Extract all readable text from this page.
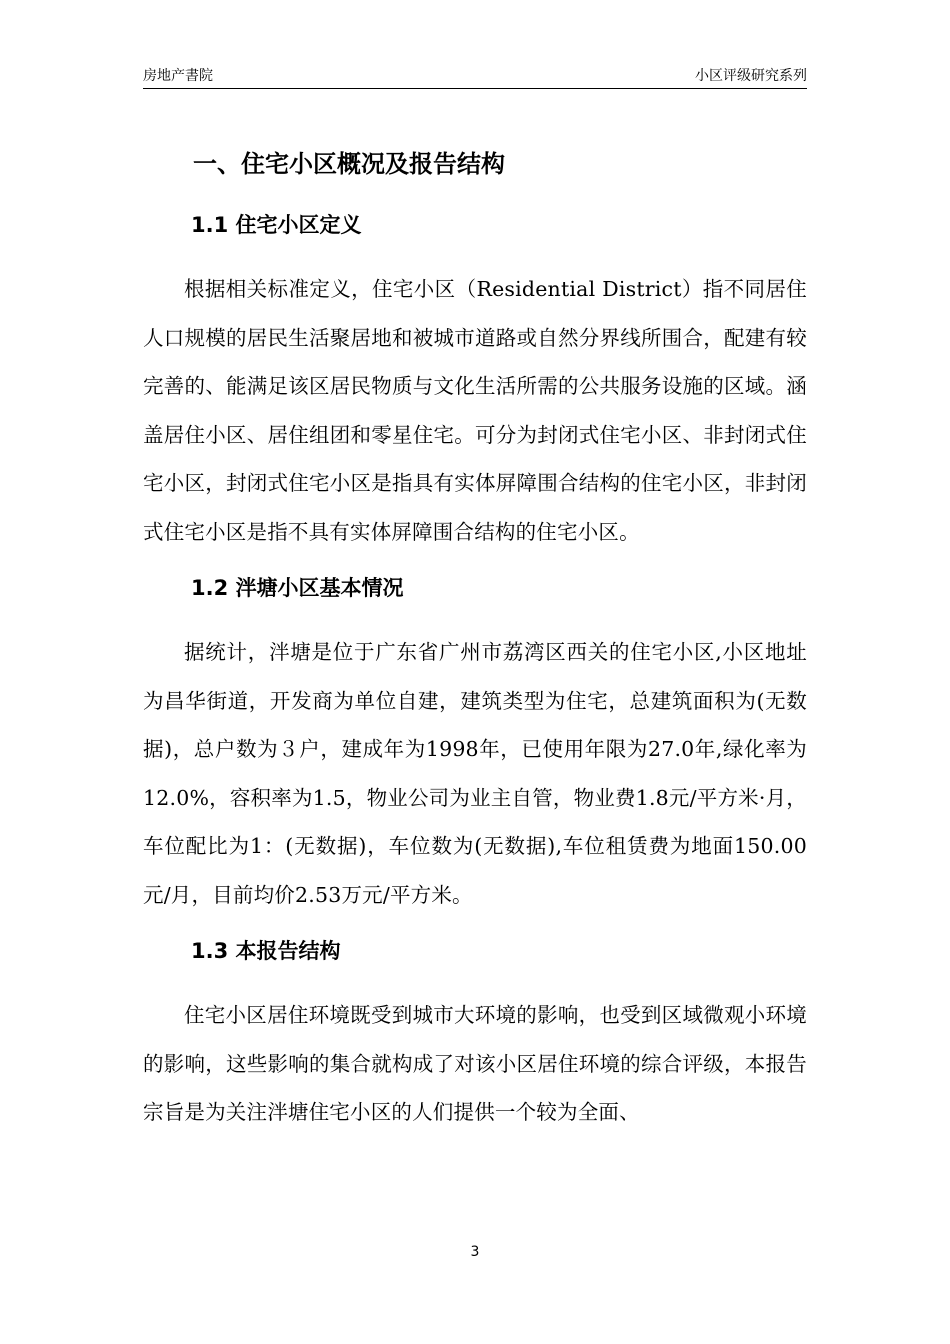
房地产書院	小区评级研究系列
一、住宅小区概况及报告结构
1.1 住宅小区定义

根据相关标准定义，住宅小区（Residential District）指不同居住人口规模的居民生活聚居地和被城市道路或自然分界线所围合，配建有较完善的、能满足该区居民物质与文化生活所需的公共服务设施的区域。涵盖居住小区、居住组团和零星住宅。可分为封闭式住宅小区、非封闭式住宅小区，封闭式住宅小区是指具有实体屏障围合结构的住宅小区，非封闭式住宅小区是指不具有实体屏障围合结构的住宅小区。

1.2 泮塘小区基本情况

据统计，泮塘是位于广东省广州市荔湾区西关的住宅小区,小区地址为昌华街道，开发商为单位自建，建筑类型为住宅，总建筑面积为(无数据)，总户数为３户，建成年为1998年，已使用年限为27.0年,绿化率为12.0%，容积率为1.5，物业公司为业主自管，物业费1.8元/平方米·月，车位配比为1：(无数据)，车位数为(无数据),车位租赁费为地面150.00元/月，目前均价2.53万元/平方米。

1.3 本报告结构

住宅小区居住环境既受到城市大环境的影响，也受到区域微观小环境的影响，这些影响的集合就构成了对该小区居住环境的综合评级，本报告宗旨是为关注泮塘住宅小区的人们提供一个较为全面、

3
